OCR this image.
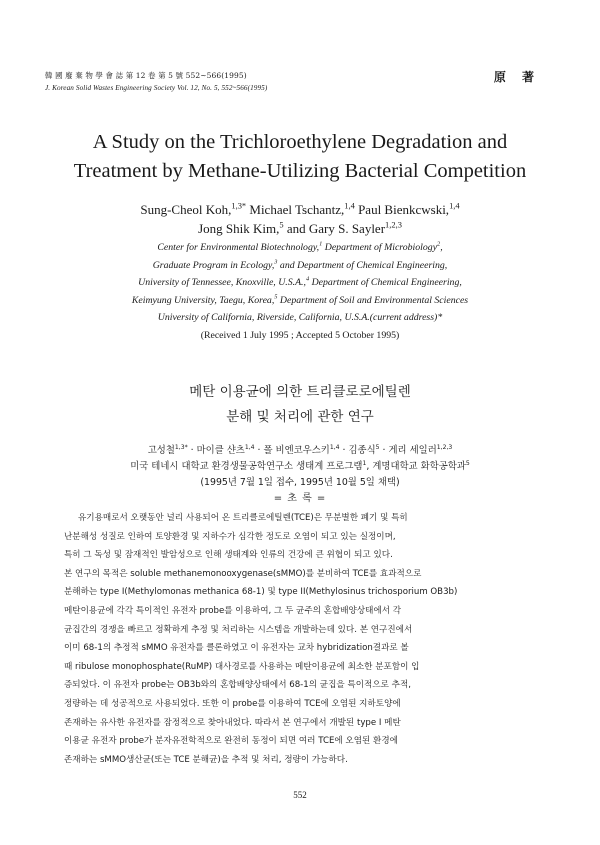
韓 國 廢 棄 物 學 會 誌 第 12 卷 第 5 號 552~566(1995)
J. Korean Solid Wastes Engineering Society Vol. 12, No. 5, 552~566(1995)
原 著
A Study on the Trichloroethylene Degradation and
Treatment by Methane-Utilizing Bacterial Competition
Sung-Cheol Koh,$^{1,3*}$ Michael Tschantz,$^{1,4}$ Paul Bienkcwski,$^{1,4}$
Jong Shik Kim,$^5$ and Gary S. Sayler$^{1,2,3}$
Center for Environmental Biotechnology,$^1$ Department of Microbiology$^2$,
Graduate Program in Ecology,$^3$ and Department of Chemical Engineering,
University of Tennessee, Knoxville, U.S.A.,$^4$ Department of Chemical Engineering,
Keimyung University, Taegu, Korea,$^5$ Department of Soil and Environmental Sciences
University of California, Riverside, California, U.S.A.(current address)*
(Received 1 July 1995 ; Accepted 5 October 1995)
메탄 이용균에 의한 트리클로로에틸렌
분해 및 처리에 관한 연구
고성철$^{1,3*}$ · 마이클 샨츠$^{1,4}$ · 폴 비엔코우스키$^{1,4}$ · 김종식$^5$ · 게리 세일러$^{1,2,3}$
미국 테네시 대학교 환경생물공학연구소 생태계 프로그램$^1$, 계명대학교 화학공학과$^5$
(1995년 7월 1일 접수, 1995년 10월 5일 채택)
= 초 록 =
유기용매로서 오랫동안 널리 사용되어 온 트리클로에틸렌(TCE)은 무분별한 폐기 및 특히
난분해성 성질로 인하여 토양환경 및 지하수가 심각한 정도로 오염이 되고 있는 실정이며,
특히 그 독성 및 잠재적인 발암성으로 인해 생태계와 인류의 건강에 큰 위협이 되고 있다.
본 연구의 목적은 soluble methanemonooxygenase(sMMO)를 분비하여 TCE를 효과적으로
분해하는 type I(Methylomonas methanica 68-1) 및 type II(Methylosinus trichosporium OB3b)
메탄이용균에 각각 특이적인 유전자 probe를 이용하여, 그 두 균주의 혼합배양상태에서 각
균집간의 경쟁을 빠르고 정확하게 추정 및 처리하는 시스템을 개발하는데 있다. 본 연구진에서
이미 68-1의 추정적 sMMO 유전자를 클론하였고 이 유전자는 교차 hybridization결과로 볼
때 ribulose monophosphate(RuMP) 대사경로를 사용하는 메탄이용균에 최소한 분포함이 입
증되었다. 이 유전자 probe는 OB3b와의 혼합배양상태에서 68-1의 균집을 특이적으로 추적,
정량하는 데 성공적으로 사용되었다. 또한 이 probe를 이용하여 TCE에 오염된 지하토양에
존재하는 유사한 유전자를 잠정적으로 찾아내었다. 따라서 본 연구에서 개발된 type I 메탄
이용균 유전자 probe가 분자유전학적으로 완전히 동정이 되면 여러 TCE에 오염된 환경에
존재하는 sMMO생산균(또는 TCE 분해균)을 추적 및 처리, 정량이 가능하다.
552
